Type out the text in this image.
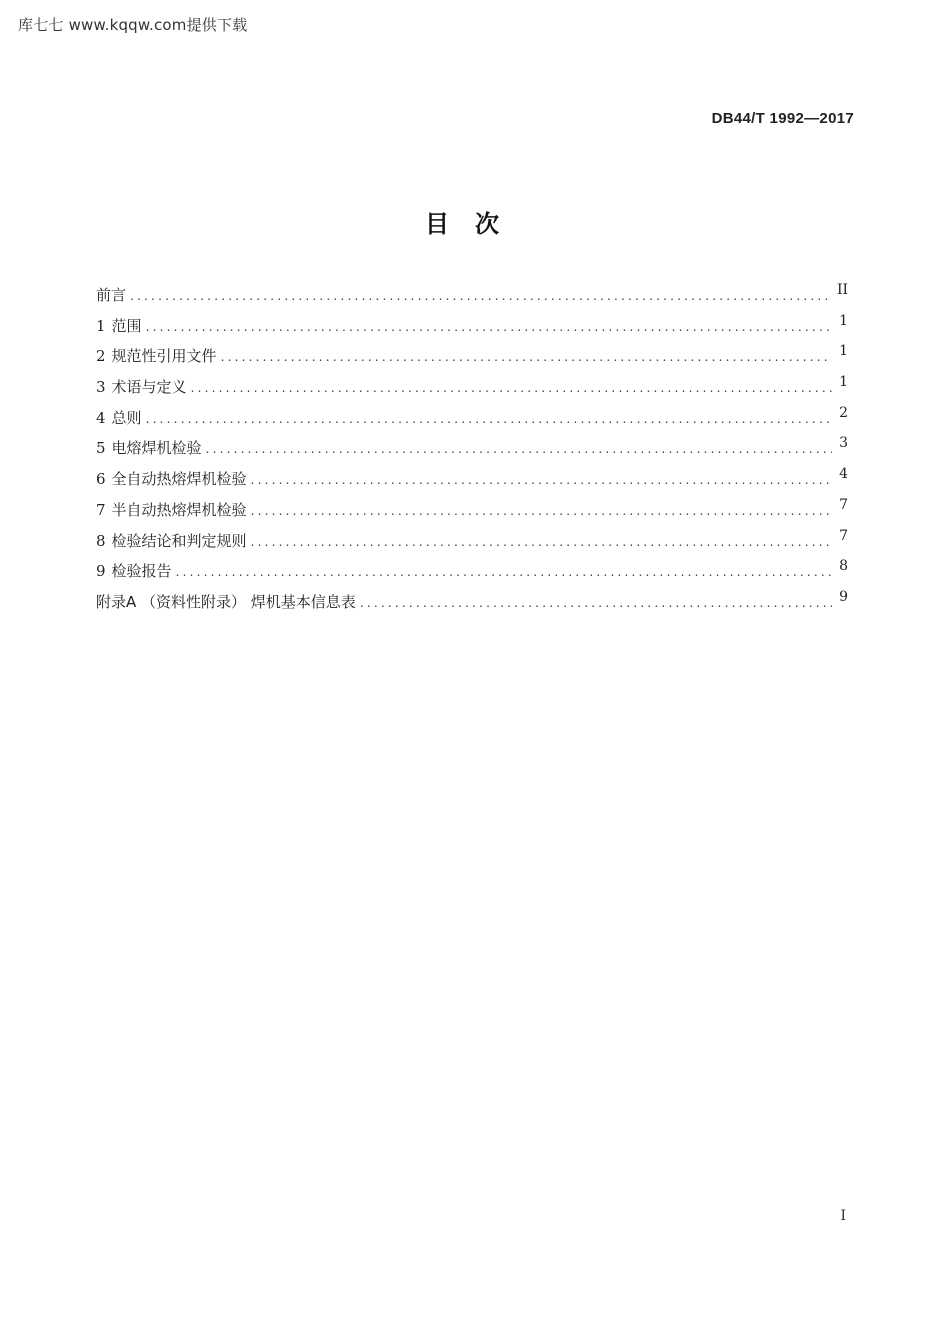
库七七 www.kqqw.com提供下载
DB44/T 1992—2017
目次
前言 .....	II
1 范围 .....	1
2 规范性引用文件 .....	1
3 术语与定义 .....	1
4 总则 .....	2
5 电熔焊机检验 .....	3
6 全自动热熔焊机检验 .....	4
7 半自动热熔焊机检验 .....	7
8 检验结论和判定规则 .....	7
9 检验报告 .....	8
附录A （资料性附录） 焊机基本信息表 .....	9
I
